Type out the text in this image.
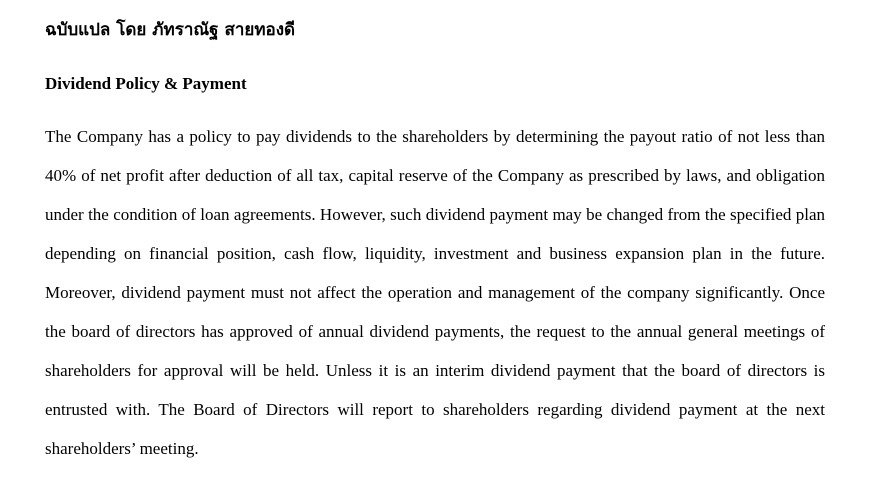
ฉบับแปล โดย ภัทราณัฐ สายทองดี
Dividend Policy & Payment

The Company has a policy to pay dividends to the shareholders by determining the payout ratio of not less than 40% of net profit after deduction of all tax, capital reserve of the Company as prescribed by laws, and obligation under the condition of loan agreements. However, such dividend payment may be changed from the specified plan depending on financial position, cash flow, liquidity, investment and business expansion plan in the future. Moreover, dividend payment must not affect the operation and management of the company significantly. Once the board of directors has approved of annual dividend payments, the request to the annual general meetings of shareholders for approval will be held. Unless it is an interim dividend payment that the board of directors is entrusted with. The Board of Directors will report to shareholders regarding dividend payment at the next shareholders’ meeting.
